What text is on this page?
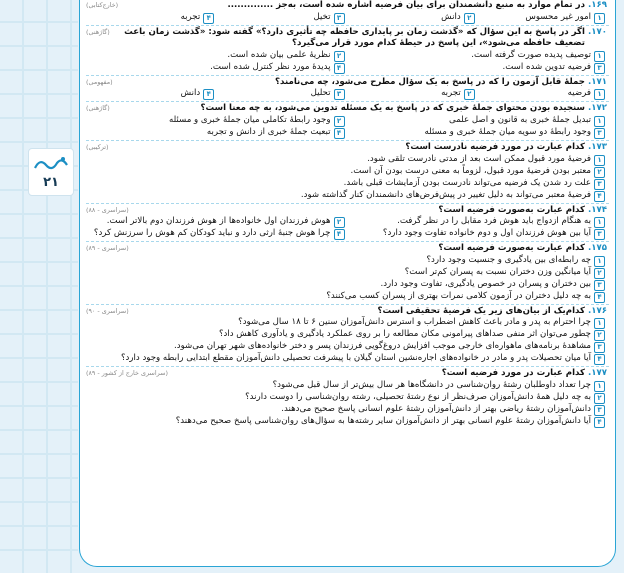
۲۱
۱۶۹.
در تمام موارد به منبع دانشمندان برای بیان فرضیه اشاره شده است، به‌جز ..............
(خارج‌کتابی)
۱
امور غیر محسوس
۲
دانش
۳
تخیل
۴
تجربه
۱۷۰.
اگر در پاسخ به این سؤال که «گذشت زمان بر پایداری حافظه چه تأثیری دارد؟» گفته شود: «گذشت زمان باعث تضعیف حافظه می‌شود»، این پاسخ در حیطهٔ کدام مورد قرار می‌گیرد؟
(گاژهنی)
۱
توصیف پدیده صورت گرفته است.
۲
نظریهٔ علمی بیان شده است.
۳
فرضیه تدوین شده است.
۴
پدیدهٔ مورد نظر کنترل شده است.
۱۷۱.
جملهٔ قابل آزمون را که در پاسخ به یک سؤال مطرح می‌شود، چه می‌نامند؟
(مفهومی)
۱
فرضیه
۲
تجربه
۳
تحلیل
۴
دانش
۱۷۲.
سنجیده بودن محتوای جملهٔ خبری که در پاسخ به یک مسئله تدوین می‌شود، به چه معنا است؟
(گاژهنی)
۱
تبدیل جملهٔ خبری به قانون و اصل علمی
۲
وجود رابطهٔ تکاملی میان جملهٔ خبری و مسئله
۳
وجود رابطهٔ دو سویه میان جملهٔ خبری و مسئله
۴
تبعیت جملهٔ خبری از دانش و تجربه
۱۷۳.
کدام عبارت در مورد فرضیه نادرست است؟
(ترکیبی)
۱
فرضیهٔ مورد قبول ممکن است بعد از مدتی نادرست تلقی شود.
۲
معتبر بودن فرضیهٔ مورد قبول، لزوماً به معنی درست بودن آن است.
۳
علت رد شدن یک فرضیه می‌تواند نادرست بودن آزمایشات قبلی باشد.
۴
فرضیهٔ معتبر می‌تواند به دلیل تغییر در پیش‌فرض‌های دانشمندان کنار گذاشته شود.
۱۷۴.
کدام عبارت به‌صورت فرضیه است؟
(سراسری - ۸۸)
۱
به هنگام ازدواج باید هوش فرد مقابل را در نظر گرفت.
۲
هوش فرزندان اول خانواده‌ها از هوش فرزندان دوم بالاتر است.
۳
آیا بین هوش فرزندان اول و دوم خانواده تفاوت وجود دارد؟
۴
چرا هوش جنبهٔ ارثی دارد و نباید کودکان کم هوش را سرزنش کرد؟
۱۷۵.
کدام عبارت به‌صورت فرضیه است؟
(سراسری - ۸۹)
۱
چه رابطه‌ای بین یادگیری و جنسیت وجود دارد؟
۲
آیا میانگین وزن دختران نسبت به پسران کم‌تر است؟
۳
بین دختران و پسران در خصوص یادگیری، تفاوت وجود دارد.
۴
به چه دلیل دختران در آزمون کلامی نمرات بهتری از پسران کسب می‌کنند؟
۱۷۶.
کدام‌یک از بیان‌های زیر یک فرضیهٔ تحقیقی است؟
(سراسری - ۹۰)
۱
چرا احترام به پدر و مادر باعث کاهش اضطراب و استرس دانش‌آموزان سنین ۶ تا ۱۸ سال می‌شود؟
۲
چطور می‌توان اثر منفی صداهای پیرامونی مکان مطالعه را بر روی عملکرد یادگیری و یادآوری کاهش داد؟
۳
مشاهدهٔ برنامه‌های ماهواره‌ای خارجی موجب افزایش دروغ‌گویی فرزندان پسر و دختر خانواده‌های شهر تهران می‌شود.
۴
آیا میان تحصیلات پدر و مادر در خانواده‌های اجاره‌نشین استان گیلان با پیشرفت تحصیلی دانش‌آموزان مقطع ابتدایی رابطه وجود دارد؟
۱۷۷.
کدام عبارت در مورد فرضیه است؟
(سراسری خارج از کشور - ۸۹)
۱
چرا تعداد داوطلبان رشتهٔ روان‌شناسی در دانشگاه‌ها هر سال بیش‌تر از سال قبل می‌شود؟
۲
به چه دلیل همهٔ دانش‌آموزان صرف‌نظر از نوع رشتهٔ تحصیلی، رشته روان‌شناسی را دوست دارند؟
۳
دانش‌آموزان رشتهٔ ریاضی بهتر از دانش‌آموزان رشتهٔ علوم انسانی پاسخ صحیح می‌دهند.
۴
آیا دانش‌آموزان رشتهٔ علوم انسانی بهتر از دانش‌آموزان سایر رشته‌ها به سؤال‌های روان‌شناسی پاسخ صحیح می‌دهند؟
